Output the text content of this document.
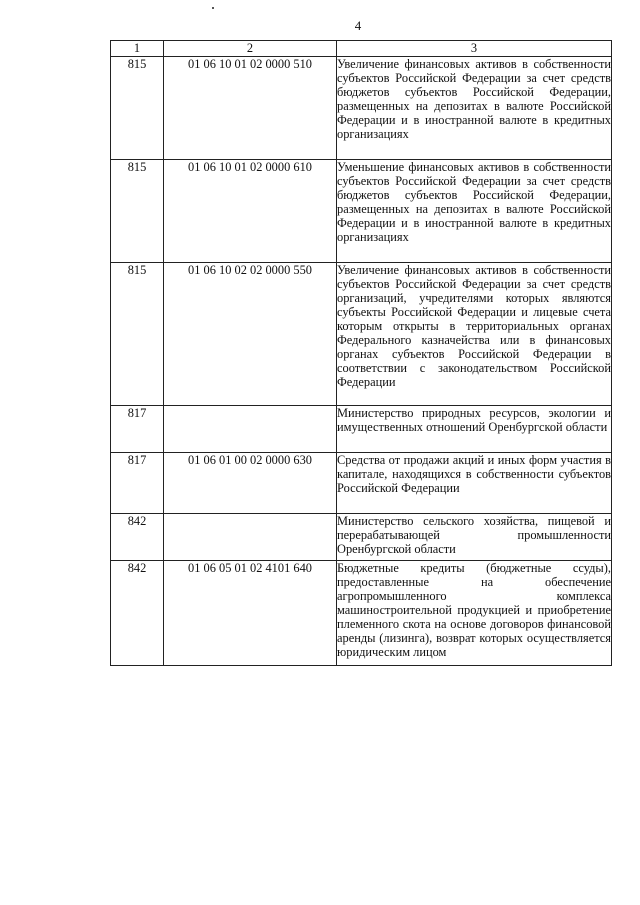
4
1	2	3
815	01 06 10 01 02 0000 510	Увеличение финансовых активов в собственности субъектов Российской Федерации за счет средств бюджетов субъектов Российской Федерации, размещенных на депозитах в валюте Российской Федерации и в иностранной валюте в кредитных организациях

815	01 06 10 01 02 0000 610	Уменьшение финансовых активов в собственности субъектов Российской Федерации за счет средств бюджетов субъектов Российской Федерации, размещенных на депозитах в валюте Российской Федерации и в иностранной валюте в кредитных организациях

815	01 06 10 02 02 0000 550	Увеличение финансовых активов в собственности субъектов Российской Федерации за счет средств организаций, учредителями которых являются субъекты Российской Федерации и лицевые счета которым открыты в территориальных органах Федерального казначейства или в финансовых органах субъектов Российской Федерации в соответствии с законодательством Российской Федерации

817		Министерство природных ресурсов, экологии и имущественных отношений Оренбургской области

817	01 06 01 00 02 0000 630	Средства от продажи акций и иных форм участия в капитале, находящихся в собственности субъектов Российской Федерации

842		Министерство сельского хозяйства, пищевой и перерабатывающей промышленности Оренбургской области

842	01 06 05 01 02 4101 640	Бюджетные кредиты (бюджетные ссуды), предоставленные на обеспечение агропромышленного комплекса машиностроительной продукцией и приобретение племенного скота на основе договоров финансовой аренды (лизинга), возврат которых осуществляется юридическим лицом
